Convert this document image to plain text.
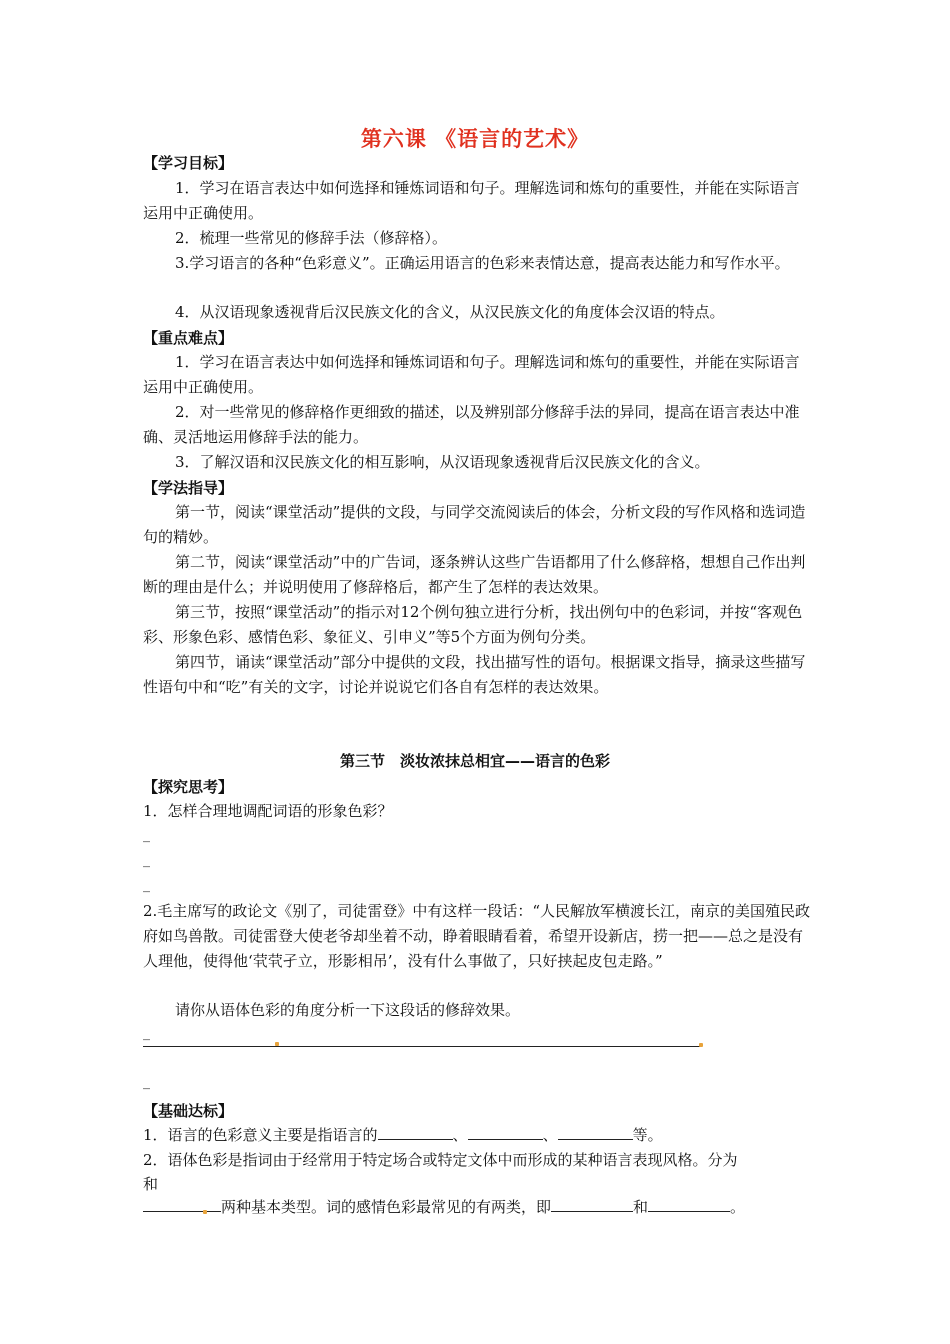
第六课 《语言的艺术》
【学习目标】
1．学习在语言表达中如何选择和锤炼词语和句子。理解选词和炼句的重要性，并能在实际语言运用中正确使用。
2．梳理一些常见的修辞手法（修辞格）。
3.学习语言的各种“色彩意义”。正确运用语言的色彩来表情达意，提高表达能力和写作水平。
4．从汉语现象透视背后汉民族文化的含义，从汉民族文化的角度体会汉语的特点。
【重点难点】
1．学习在语言表达中如何选择和锤炼词语和句子。理解选词和炼句的重要性，并能在实际语言运用中正确使用。
2．对一些常见的修辞格作更细致的描述，以及辨别部分修辞手法的异同，提高在语言表达中准确、灵活地运用修辞手法的能力。
3．了解汉语和汉民族文化的相互影响，从汉语现象透视背后汉民族文化的含义。
【学法指导】
第一节，阅读“课堂活动”提供的文段，与同学交流阅读后的体会，分析文段的写作风格和选词造句的精妙。
第二节，阅读“课堂活动”中的广告词，逐条辨认这些广告语都用了什么修辞格，想想自己作出判断的理由是什么；并说明使用了修辞格后，都产生了怎样的表达效果。
第三节，按照“课堂活动”的指示对12个例句独立进行分析，找出例句中的色彩词，并按“客观色彩、形象色彩、感情色彩、象征义、引申义”等5个方面为例句分类。
第四节，诵读“课堂活动”部分中提供的文段，找出描写性的语句。根据课文指导，摘录这些描写性语句中和“吃”有关的文字，讨论并说说它们各自有怎样的表达效果。
第三节　淡妆浓抹总相宜——语言的色彩
【探究思考】
1．怎样合理地调配词语的形象色彩？
_
_
_
2.毛主席写的政论文《别了，司徒雷登》中有这样一段话：“人民解放军横渡长江，南京的美国殖民政府如鸟兽散。司徒雷登大使老爷却坐着不动，睁着眼睛看着，希望开设新店，捞一把——总之是没有人理他，使得他‘茕茕孑立，形影相吊’，没有什么事做了，只好挟起皮包走路。”
请你从语体色彩的角度分析一下这段话的修辞效果。
_
_
【基础达标】
1．语言的色彩意义主要是指语言的	、	、	等。
2．语体色彩是指词由于经常用于特定场合或特定文体中而形成的某种语言表现风格。分为
和
两种基本类型。词的感情色彩最常见的有两类，即	和	。
